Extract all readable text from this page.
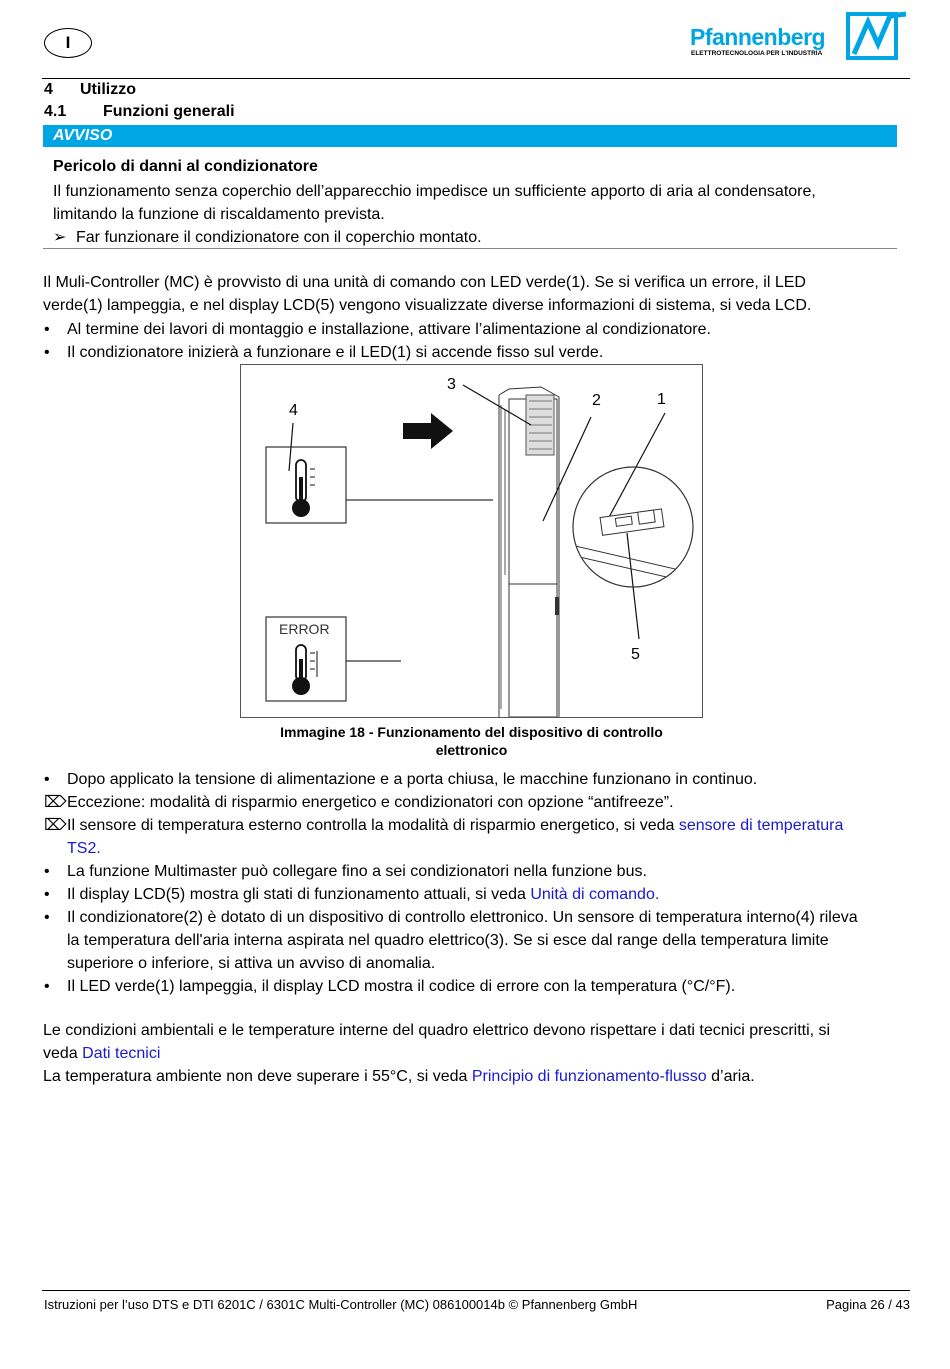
I	Pfannenberg
ELETTROTECNOLOGIA PER L'INDUSTRIA
4 Utilizzo
4.1 Funzioni generali
AVVISO
Pericolo di danni al condizionatore
Il funzionamento senza coperchio dell’apparecchio impedisce un sufficiente apporto di aria al condensatore,
limitando la funzione di riscaldamento prevista.
➢ Far funzionare il condizionatore con il coperchio montato.
Il Muli-Controller (MC) è provvisto di una unità di comando con LED verde(1). Se si verifica un errore, il LED
verde(1) lampeggia, e nel display LCD(5) vengono visualizzate diverse informazioni di sistema, si veda LCD.
• Al termine dei lavori di montaggio e installazione, attivare l’alimentazione al condizionatore.
• Il condizionatore inizierà a funzionare e il LED(1) si accende fisso sul verde.
4
3
2	1
5
ERROR
Immagine 18 - Funzionamento del dispositivo di controllo
elettronico
• Dopo applicato la tensione di alimentazione e a porta chiusa, le macchine funzionano in continuo.
⌦ Eccezione: modalità di risparmio energetico e condizionatori con opzione “antifreeze”.
⌦ Il sensore di temperatura esterno controlla la modalità di risparmio energetico, si veda sensore di temperatura
TS2.
• La funzione Multimaster può collegare fino a sei condizionatori nella funzione bus.
• Il display LCD(5) mostra gli stati di funzionamento attuali, si veda Unità di comando.
• Il condizionatore(2) è dotato di un dispositivo di controllo elettronico. Un sensore di temperatura interno(4) rileva
la temperatura dell'aria interna aspirata nel quadro elettrico(3). Se si esce dal range della temperatura limite
superiore o inferiore, si attiva un avviso di anomalia.
• Il LED verde(1) lampeggia, il display LCD mostra il codice di errore con la temperatura (°C/°F).
Le condizioni ambientali e le temperature interne del quadro elettrico devono rispettare i dati tecnici prescritti, si
veda Dati tecnici
La temperatura ambiente non deve superare i 55°C, si veda Principio di funzionamento-flusso d’aria.
Istruzioni per l’uso DTS e DTI 6201C / 6301C Multi-Controller (MC) 086100014b © Pfannenberg GmbH	Pagina 26 / 43
